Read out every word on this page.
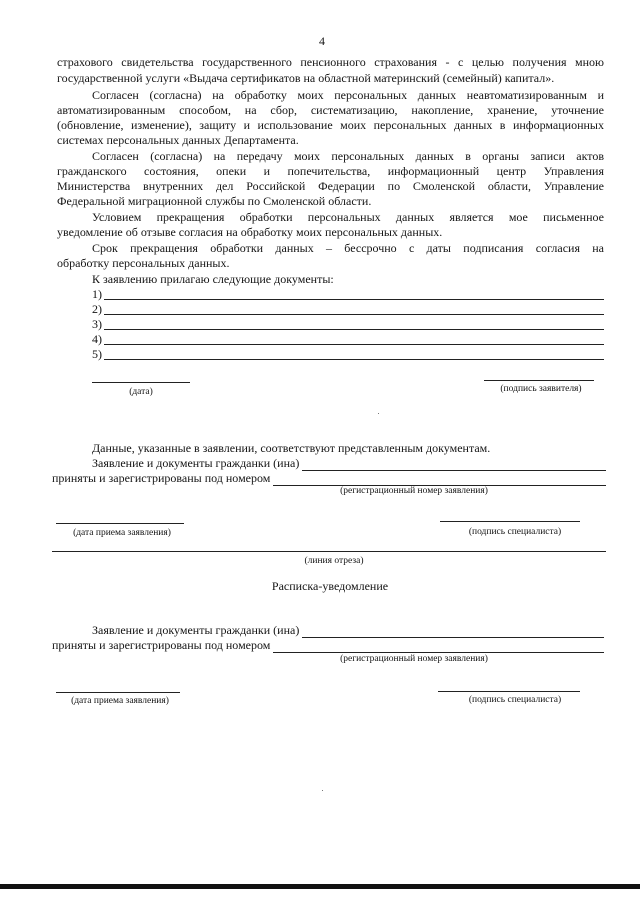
4
страхового свидетельства государственного пенсионного страхования - с целью получения мною
государственной услуги «Выдача сертификатов на областной материнский (семейный) капитал».
Согласен (согласна) на обработку моих персональных данных неавтоматизированным и
автоматизированным способом, на сбор, систематизацию, накопление, хранение, уточнение
(обновление, изменение), защиту и использование моих персональных данных в информационных
системах персональных данных Департамента.
Согласен (согласна) на передачу моих персональных данных в органы записи актов
гражданского состояния, опеки и попечительства, информационный центр Управления
Министерства внутренних дел Российской Федерации по Смоленской области, Управление
Федеральной миграционной службы по Смоленской области.
Условием прекращения обработки персональных данных является мое письменное
уведомление об отзыве согласия на обработку моих персональных данных.
Срок прекращения обработки данных – бессрочно с даты подписания согласия на
обработку персональных данных.
К заявлению прилагаю следующие документы:
1)
2)
3)
4)
5)
(дата)	(подпись заявителя)
Данные, указанные в заявлении, соответствуют представленным документам.
Заявление и документы гражданки (ина)
приняты и зарегистрированы под номером
(регистрационный номер заявления)
(дата приема заявления)	(подпись специалиста)
(линия отреза)
Расписка-уведомление
Заявление и документы гражданки (ина)
приняты и зарегистрированы под номером
(регистрационный номер заявления)
(дата приема заявления)	(подпись специалиста)
